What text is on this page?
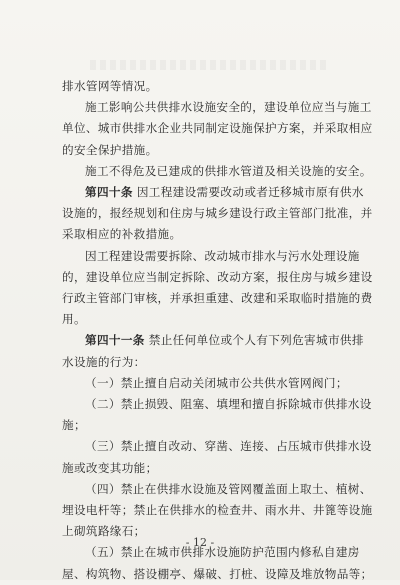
排水管网等情况。

施工影响公共供排水设施安全的，建设单位应当与施工单位、城市供排水企业共同制定设施保护方案，并采取相应的安全保护措施。

施工不得危及已建成的供排水管道及相关设施的安全。

第四十条 因工程建设需要改动或者迁移城市原有供水设施的，报经规划和住房与城乡建设行政主管部门批准，并采取相应的补救措施。

因工程建设需要拆除、改动城市排水与污水处理设施的，建设单位应当制定拆除、改动方案，报住房与城乡建设行政主管部门审核，并承担重建、改建和采取临时措施的费用。

第四十一条 禁止任何单位或个人有下列危害城市供排水设施的行为：

（一）禁止擅自启动关闭城市公共供水管网阀门；

（二）禁止损毁、阻塞、填埋和擅自拆除城市供排水设施；

（三）禁止擅自改动、穿凿、连接、占压城市供排水设施或改变其功能；

（四）禁止在供排水设施及管网覆盖面上取土、植树、埋设电杆等；禁止在供排水的检查井、雨水井、井篦等设施上砌筑路缘石；

（五）禁止在城市供排水设施防护范围内修私自建房屋、构筑物、搭设棚亭、爆破、打桩、设障及堆放物品等；

- 12 -
